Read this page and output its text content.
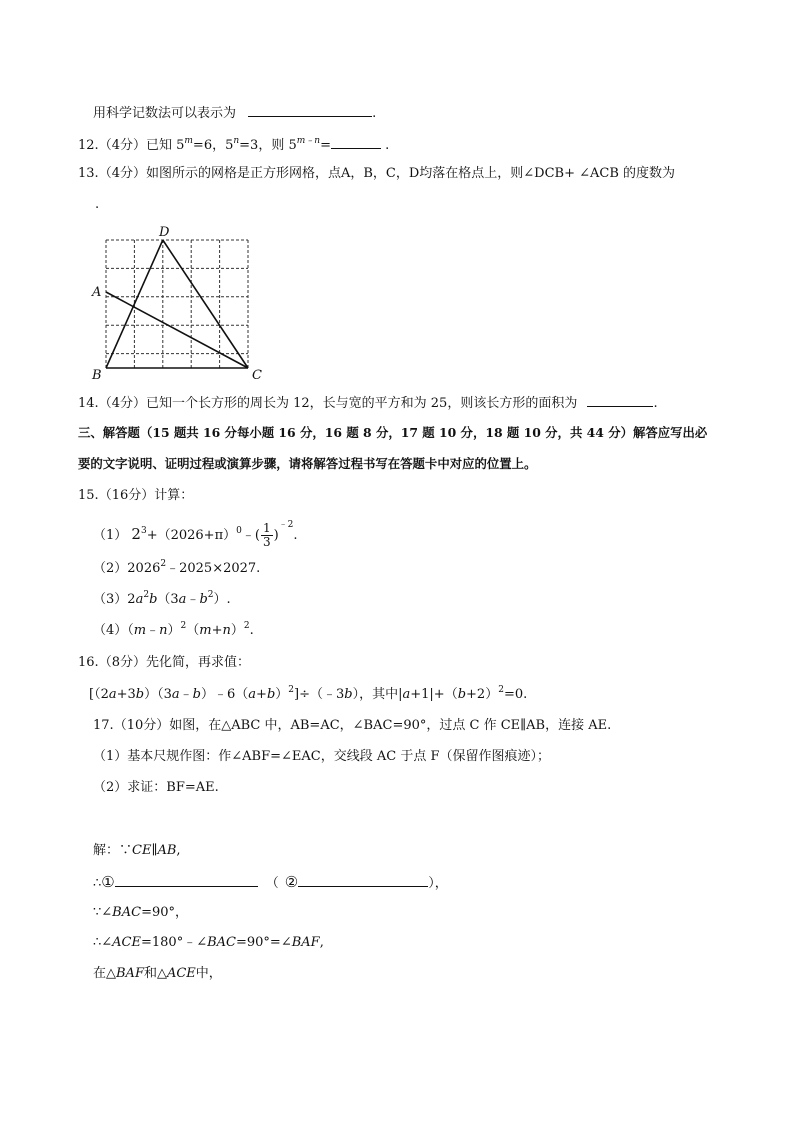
用科学记数法可以表示为	.
12.（4分）已知 $5^m=6$，$5^n=3$，则 $5^{m﹣n}=$	.
13.（4分）如图所示的网格是正方形网格，点A，B，C，D均落在格点上，则∠DCB+ ∠ACB 的度数为
.
D
A
B	C
14.（4分）已知一个长方形的周长为 12，长与宽的平方和为 25，则该长方形的面积为	.
三、解答题（15 题共 16 分每小题 16 分，16 题 8 分，17 题 10 分，18 题 10 分，共 44 分）解答应写出必
要的文字说明、证明过程或演算步骤，请将解答过程书写在答题卡中对应的位置上。
15.（16分）计算：
（1） $2^3+(2026+\pi)^0﹣( \frac{1}{3} )^{﹣2}$.
$(2)2026^2﹣2025\times 2027$.
$(3)2a^2b(3a﹣b^2)$.
$(4)(m﹣n)^2(m+n)^2$.
16.（8分）先化简，再求值：
$[(2a+3b)(3a﹣b)﹣6(a+b)^2]\div(﹣3b)$，其中$|a+1|+(b+2)^2=0$.
17.（10分）如图，在△ABC 中，AB=AC，∠BAC=90°，过点 C 作 CE∥AB，连接 AE.
（1）基本尺规作图：作∠ABF=∠EAC，交线段 AC 于点 F（保留作图痕迹）；
（2）求证：BF=AE.
解：∵CE∥AB,
∴①	（ ②	），
∵∠BAC=90°，
∴∠ACE=180°﹣∠BAC=90°=∠BAF,
在△BAF和△ACE中，
